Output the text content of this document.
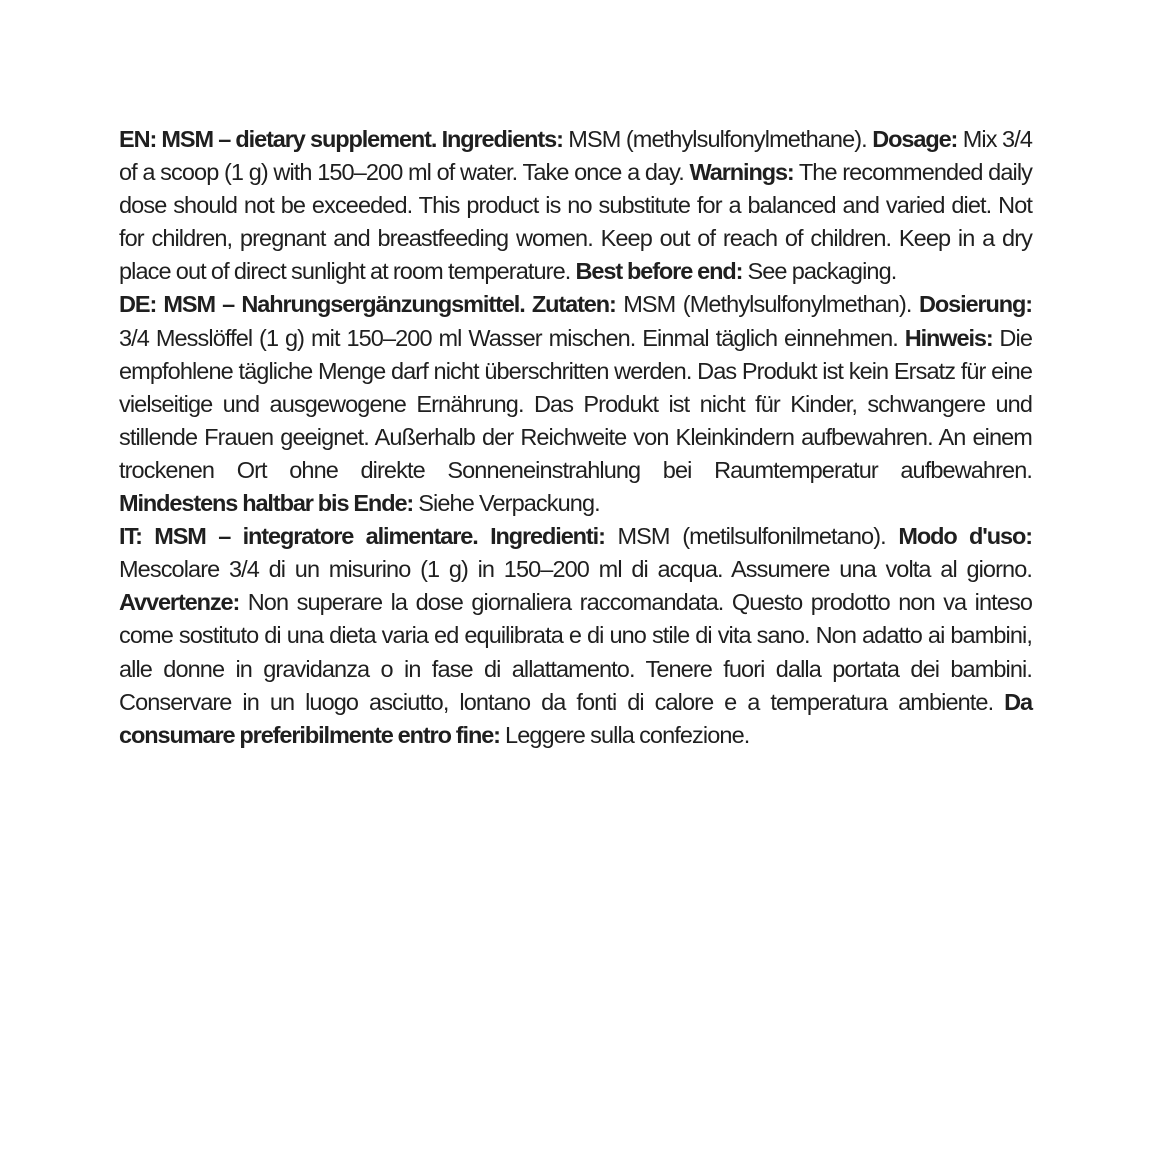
EN: MSM – dietary supplement. Ingredients: MSM (methylsulfonylmethane). Dosage: Mix 3/4 of a scoop (1 g) with 150–200 ml of water. Take once a day. Warnings: The recommended daily dose should not be exceeded. This product is no substitute for a balanced and varied diet. Not for children, pregnant and breastfeeding women. Keep out of reach of children. Keep in a dry place out of direct sunlight at room temperature. Best before end: See packaging.

DE: MSM – Nahrungsergänzungsmittel. Zutaten: MSM (Methylsulfonylmethan). Dosierung: 3/4 Messlöffel (1 g) mit 150–200 ml Wasser mischen. Einmal täglich einnehmen. Hinweis: Die empfohlene tägliche Menge darf nicht überschritten werden. Das Produkt ist kein Ersatz für eine vielseitige und ausgewogene Ernährung. Das Produkt ist nicht für Kinder, schwangere und stillende Frauen geeignet. Außerhalb der Reichweite von Kleinkindern aufbewahren. An einem trockenen Ort ohne direkte Sonneneinstrahlung bei Raumtemperatur aufbewahren. Mindestens haltbar bis Ende: Siehe Verpackung.

IT: MSM – integratore alimentare. Ingredienti: MSM (metilsulfonilmetano). Modo d'uso: Mescolare 3/4 di un misurino (1 g) in 150–200 ml di acqua. Assumere una volta al giorno. Avvertenze: Non superare la dose giornaliera raccomandata. Questo prodotto non va inteso come sostituto di una dieta varia ed equilibrata e di uno stile di vita sano. Non adatto ai bambini, alle donne in gravidanza o in fase di allattamento. Tenere fuori dalla portata dei bambini. Conservare in un luogo asciutto, lontano da fonti di calore e a temperatura ambiente. Da consumare preferibilmente entro fine: Leggere sulla confezione.
